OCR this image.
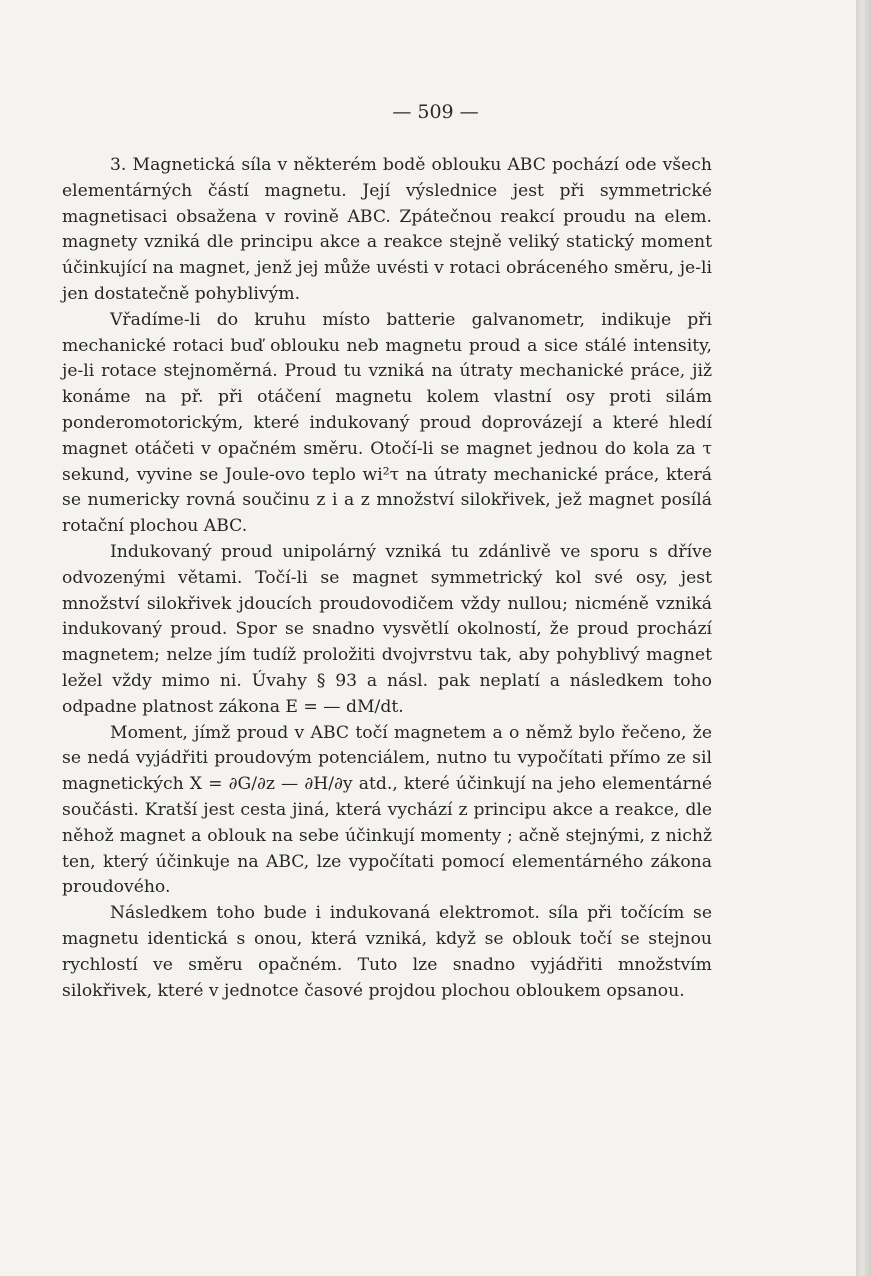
— 509 —

3. Magnetická síla v některém bodě oblouku ABC pochází ode všech elementárných částí magnetu. Její výslednice jest při symmetrické magnetisaci obsažena v rovině ABC. Zpátečnou reakcí proudu na elem. magnety vzniká dle principu akce a reakce stejně veliký statický moment účinkující na magnet, jenž jej může uvésti v rotaci obráceného směru, je-li jen dostatečně pohyblivým.

Vřadíme-li do kruhu místo batterie galvanometr, indikuje při mechanické rotaci buď oblouku neb magnetu proud a sice stálé intensity, je-li rotace stejnoměrná. Proud tu vzniká na útraty mechanické práce, již konáme na př. při otáčení magnetu kolem vlastní osy proti silám ponderomotorickým, které indukovaný proud doprovázejí a které hledí magnet otáčeti v opačném směru. Otočí-li se magnet jednou do kola za τ sekund, vyvine se Joule-ovo teplo wi²τ na útraty mechanické práce, která se numericky rovná součinu z i a z množství silokřivek, jež magnet posílá rotační plochou ABC.

Indukovaný proud unipolárný vzniká tu zdánlivě ve sporu s dříve odvozenými větami. Točí-li se magnet symmetrický kol své osy, jest množství silokřivek jdoucích proudovodičem vždy nullou; nicméně vzniká indukovaný proud. Spor se snadno vysvětlí okolností, že proud prochází magnetem; nelze jím tudíž proložiti dvojvrstvu tak, aby pohyblivý magnet ležel vždy mimo ni. Úvahy § 93 a násl. pak neplatí a následkem toho odpadne platnost zákona E = — dM/dt.

Moment, jímž proud v ABC točí magnetem a o němž bylo řečeno, že se nedá vyjádřiti proudovým potenciálem, nutno tu vypočítati přímo ze sil magnetických X = ∂G/∂z — ∂H/∂y atd., které účinkují na jeho elementárné součásti. Kratší jest cesta jiná, která vychází z principu akce a reakce, dle něhož magnet a oblouk na sebe účinkují momenty ; ačně stejnými, z nichž ten, který účinkuje na ABC, lze vypočítati pomocí elementárného zákona proudového.

Následkem toho bude i indukovaná elektromot. síla při točícím se magnetu identická s onou, která vzniká, když se oblouk točí se stejnou rychlostí ve směru opačném. Tuto lze snadno vyjádřiti množstvím silokřivek, které v jednotce časové projdou plochou obloukem opsanou.
